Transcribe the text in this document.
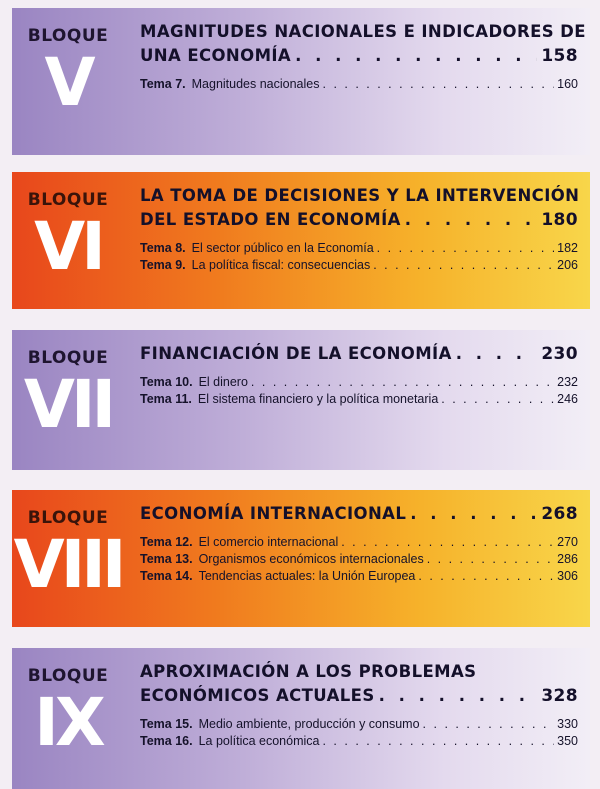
BLOQUE
V
MAGNITUDES NACIONALES E INDICADORES DE
UNA ECONOMÍA . . .	158
Tema 7. Magnitudes nacionales . . .	160
BLOQUE
VI
LA TOMA DE DECISIONES Y LA INTERVENCIÓN
DEL ESTADO EN ECONOMÍA . . .	180
Tema 8. El sector público en la Economía . . .	182
Tema 9. La política fiscal: consecuencias . . .	206
BLOQUE
VII
FINANCIACIÓN DE LA ECONOMÍA . . .	230
Tema 10. El dinero . . .	232
Tema 11. El sistema financiero y la política monetaria . . .	246
BLOQUE
VIII
ECONOMÍA INTERNACIONAL . . .	268
Tema 12. El comercio internacional . . .	270
Tema 13. Organismos económicos internacionales . . .	286
Tema 14. Tendencias actuales: la Unión Europea . . .	306
BLOQUE
IX
APROXIMACIÓN A LOS PROBLEMAS
ECONÓMICOS ACTUALES . . .	328
Tema 15. Medio ambiente, producción y consumo . . .	330
Tema 16. La política económica . . .	350
